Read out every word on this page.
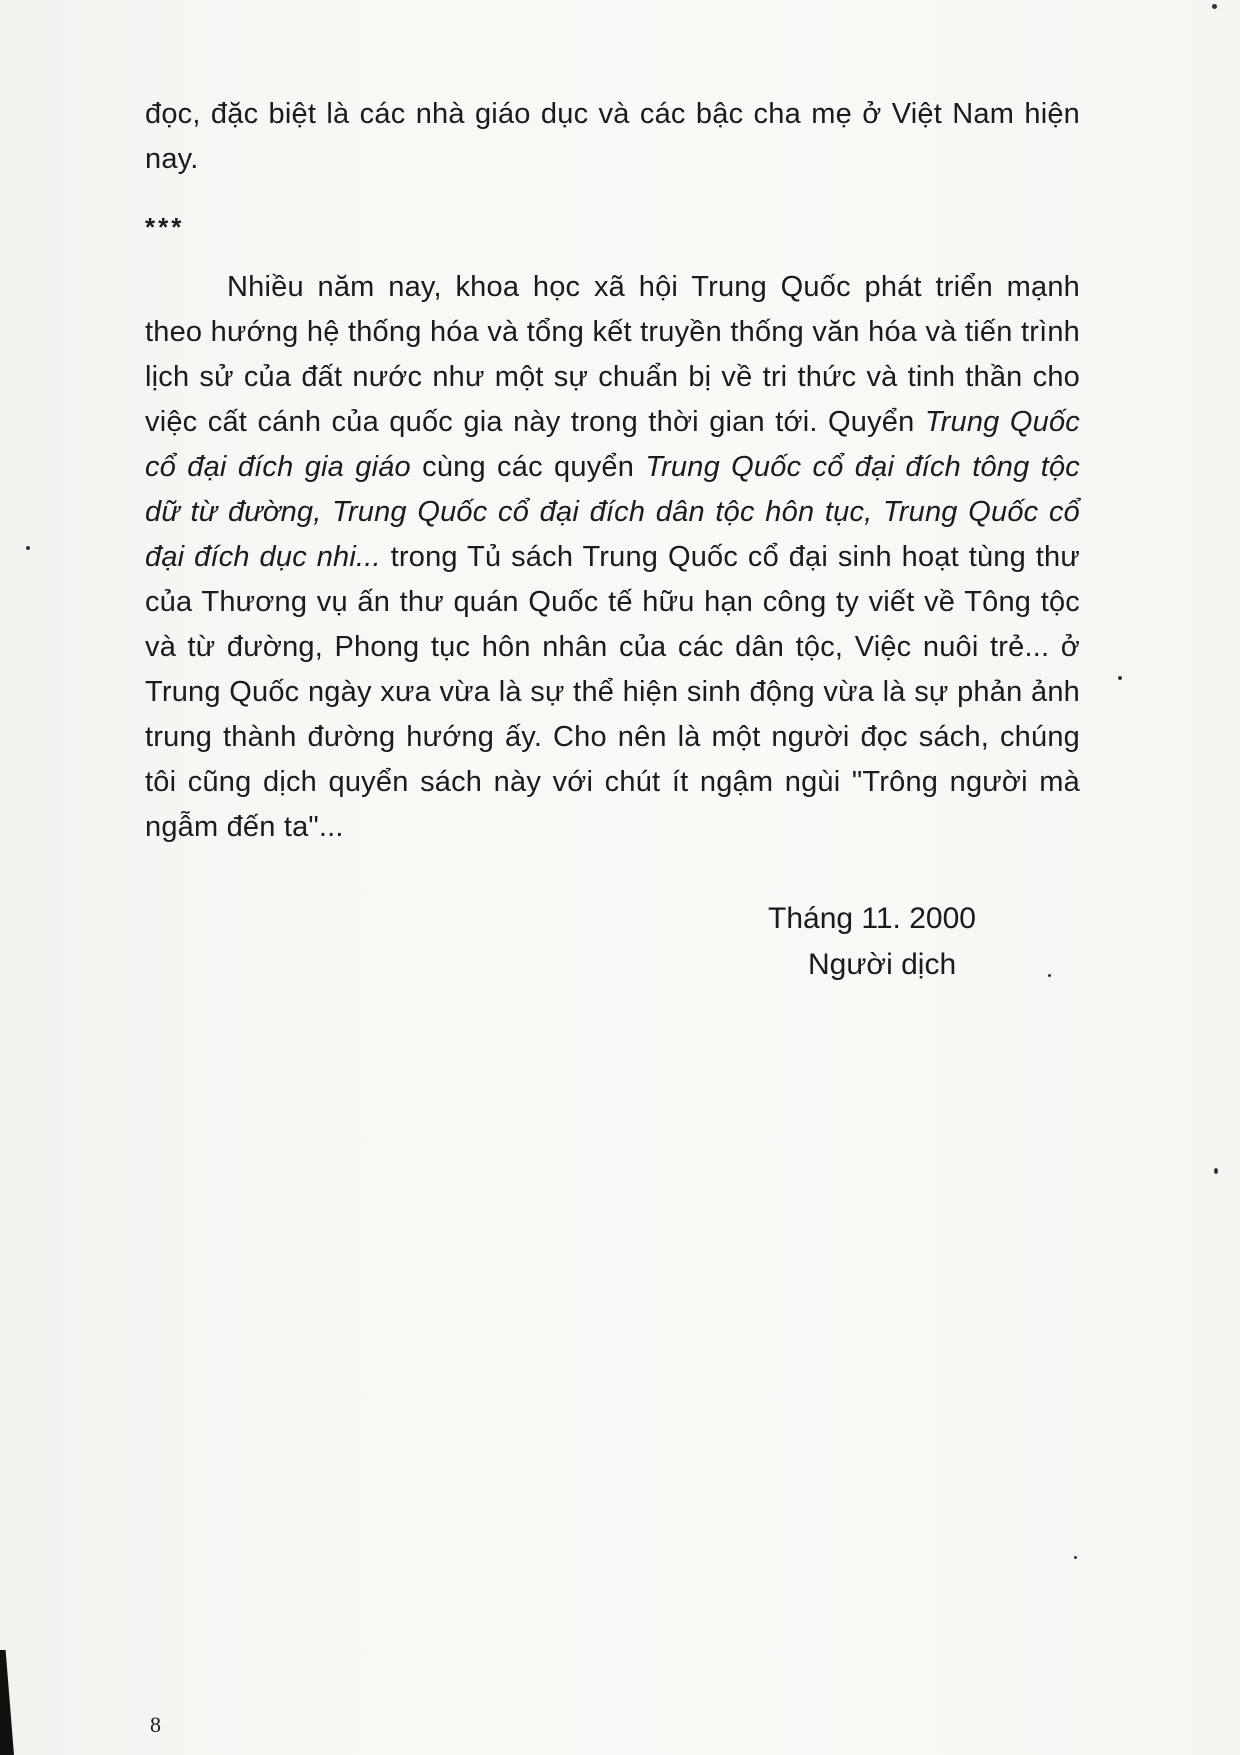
đọc, đặc biệt là các nhà giáo dục và các bậc cha mẹ ở Việt Nam hiện nay.

***

Nhiều năm nay, khoa học xã hội Trung Quốc phát triển mạnh theo hướng hệ thống hóa và tổng kết truyền thống văn hóa và tiến trình lịch sử của đất nước như một sự chuẩn bị về tri thức và tinh thần cho việc cất cánh của quốc gia này trong thời gian tới. Quyển Trung Quốc cổ đại đích gia giáo cùng các quyển Trung Quốc cổ đại đích tông tộc dữ từ đường, Trung Quốc cổ đại đích dân tộc hôn tục, Trung Quốc cổ đại đích dục nhi... trong Tủ sách Trung Quốc cổ đại sinh hoạt tùng thư của Thương vụ ấn thư quán Quốc tế hữu hạn công ty viết về Tông tộc và từ đường, Phong tục hôn nhân của các dân tộc, Việc nuôi trẻ... ở Trung Quốc ngày xưa vừa là sự thể hiện sinh động vừa là sự phản ảnh trung thành đường hướng ấy. Cho nên là một người đọc sách, chúng tôi cũng dịch quyển sách này với chút ít ngậm ngùi "Trông người mà ngẫm đến ta"...

Tháng 11. 2000
Người dịch
8
